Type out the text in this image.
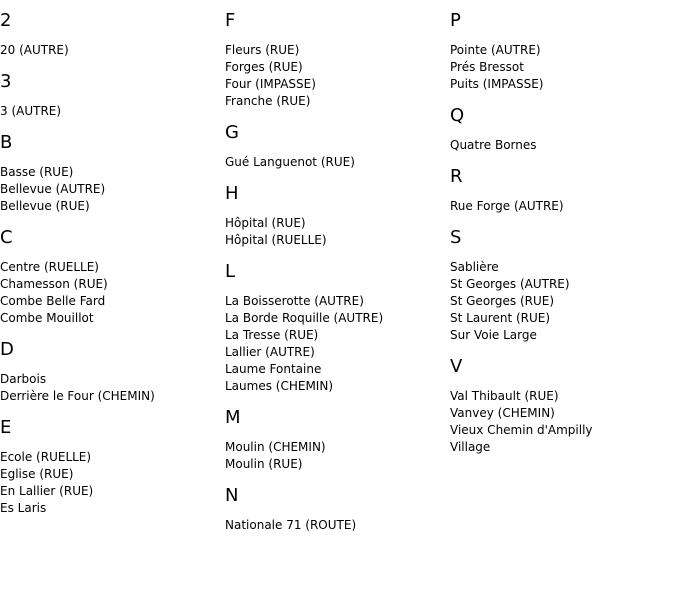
2
20 (AUTRE)
3
3 (AUTRE)
B
Basse (RUE)
Bellevue (AUTRE)
Bellevue (RUE)
C
Centre (RUELLE)
Chamesson (RUE)
Combe Belle Fard
Combe Mouillot
D
Darbois
Derrière le Four (CHEMIN)
E
Ecole (RUELLE)
Eglise (RUE)
En Lallier (RUE)
Es Laris
F
Fleurs (RUE)
Forges (RUE)
Four (IMPASSE)
Franche (RUE)
G
Gué Languenot (RUE)
H
Hôpital (RUE)
Hôpital (RUELLE)
L
La Boisserotte (AUTRE)
La Borde Roquille (AUTRE)
La Tresse (RUE)
Lallier (AUTRE)
Laume Fontaine
Laumes (CHEMIN)
M
Moulin (CHEMIN)
Moulin (RUE)
N
Nationale 71 (ROUTE)
P
Pointe (AUTRE)
Prés Bressot
Puits (IMPASSE)
Q
Quatre Bornes
R
Rue Forge (AUTRE)
S
Sablière
St Georges (AUTRE)
St Georges (RUE)
St Laurent (RUE)
Sur Voie Large
V
Val Thibault (RUE)
Vanvey (CHEMIN)
Vieux Chemin d'Ampilly
Village
